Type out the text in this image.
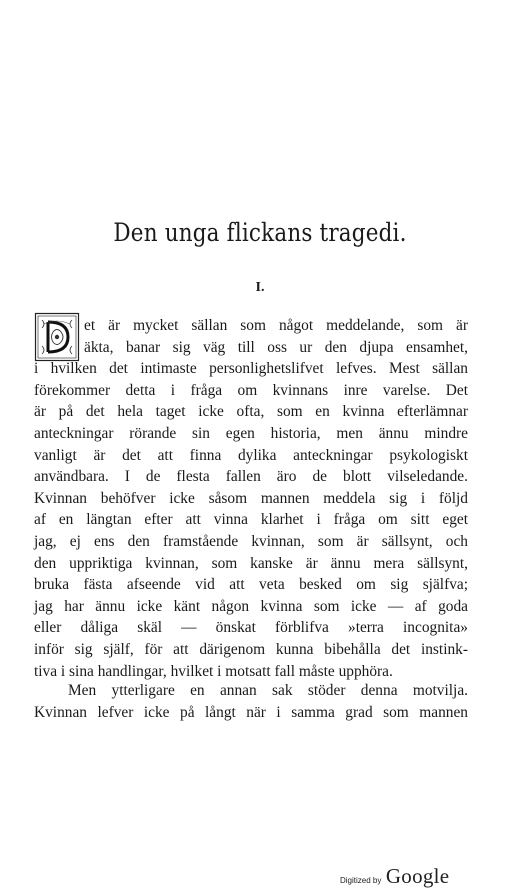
Den unga flickans tragedi.
I.
et är mycket sällan som något meddelande, som är
äkta, banar sig väg till oss ur den djupa ensamhet,
i hvilken det intimaste personlighetslifvet lefves. Mest sällan
förekommer detta i fråga om kvinnans inre varelse. Det
är på det hela taget icke ofta, som en kvinna efterlämnar
anteckningar rörande sin egen historia, men ännu mindre
vanligt är det att finna dylika anteckningar psykologiskt
användbara. I de flesta fallen äro de blott vilseledande.
Kvinnan behöfver icke såsom mannen meddela sig i följd
af en längtan efter att vinna klarhet i fråga om sitt eget
jag, ej ens den framstående kvinnan, som är sällsynt, och
den uppriktiga kvinnan, som kanske är ännu mera sällsynt,
bruka fästa afseende vid att veta besked om sig själfva;
jag har ännu icke känt någon kvinna som icke — af goda
eller dåliga skäl — önskat förblifva »terra incognita»
inför sig själf, för att därigenom kunna bibehålla det instink-
tiva i sina handlingar, hvilket i motsatt fall måste upphöra.
Men ytterligare en annan sak stöder denna motvilja.
Kvinnan lefver icke på långt när i samma grad som mannen
Digitized by Google
